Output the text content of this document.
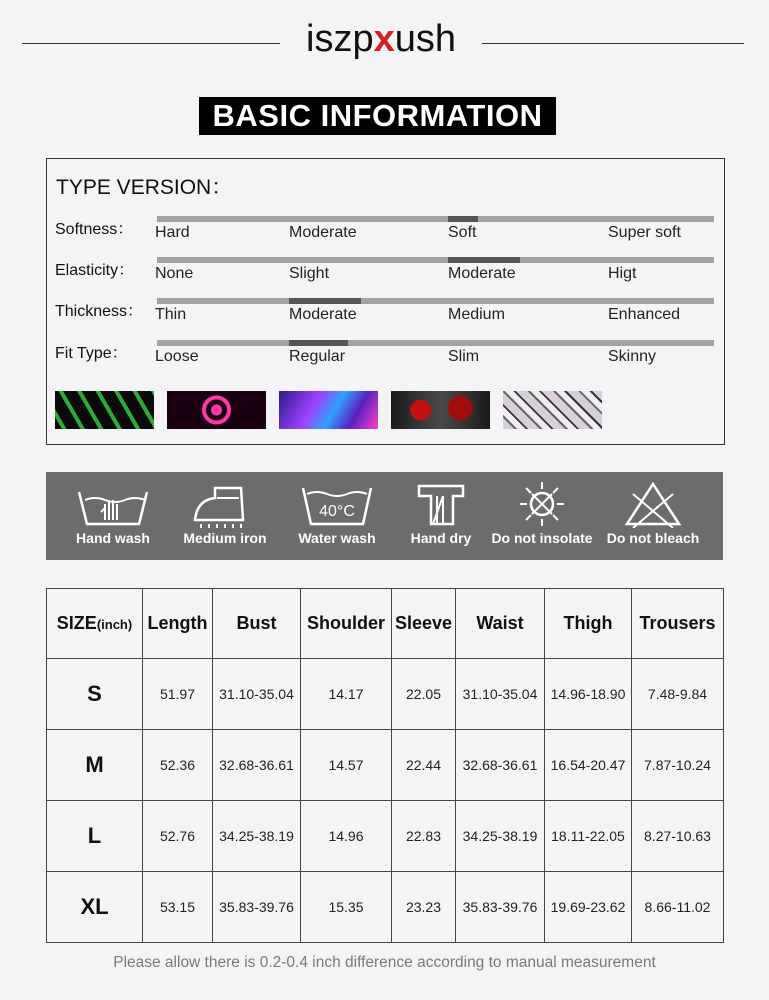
iszpxush
BASIC INFORMATION
TYPE VERSION：
Softness： Hard	Moderate	Soft	Super soft
Elasticity： None	Slight	Moderate	Higt
Thickness： Thin	Moderate	Medium	Enhanced
Fit Type： Loose	Regular	Slim	Skinny
Hand wash	Medium iron
40°C
Water wash	Hand dry	Do not insolate	Do not bleach
SIZE(inch)	Length	Bust	Shoulder	Sleeve	Waist	Thigh	Trousers
S	51.97	31.10-35.04	14.17	22.05	31.10-35.04	14.96-18.90	7.48-9.84
M	52.36	32.68-36.61	14.57	22.44	32.68-36.61	16.54-20.47	7.87-10.24
L	52.76	34.25-38.19	14.96	22.83	34.25-38.19	18.11-22.05	8.27-10.63
XL	53.15	35.83-39.76	15.35	23.23	35.83-39.76	19.69-23.62	8.66-11.02
Please allow there is 0.2-0.4 inch difference according to manual measurement
